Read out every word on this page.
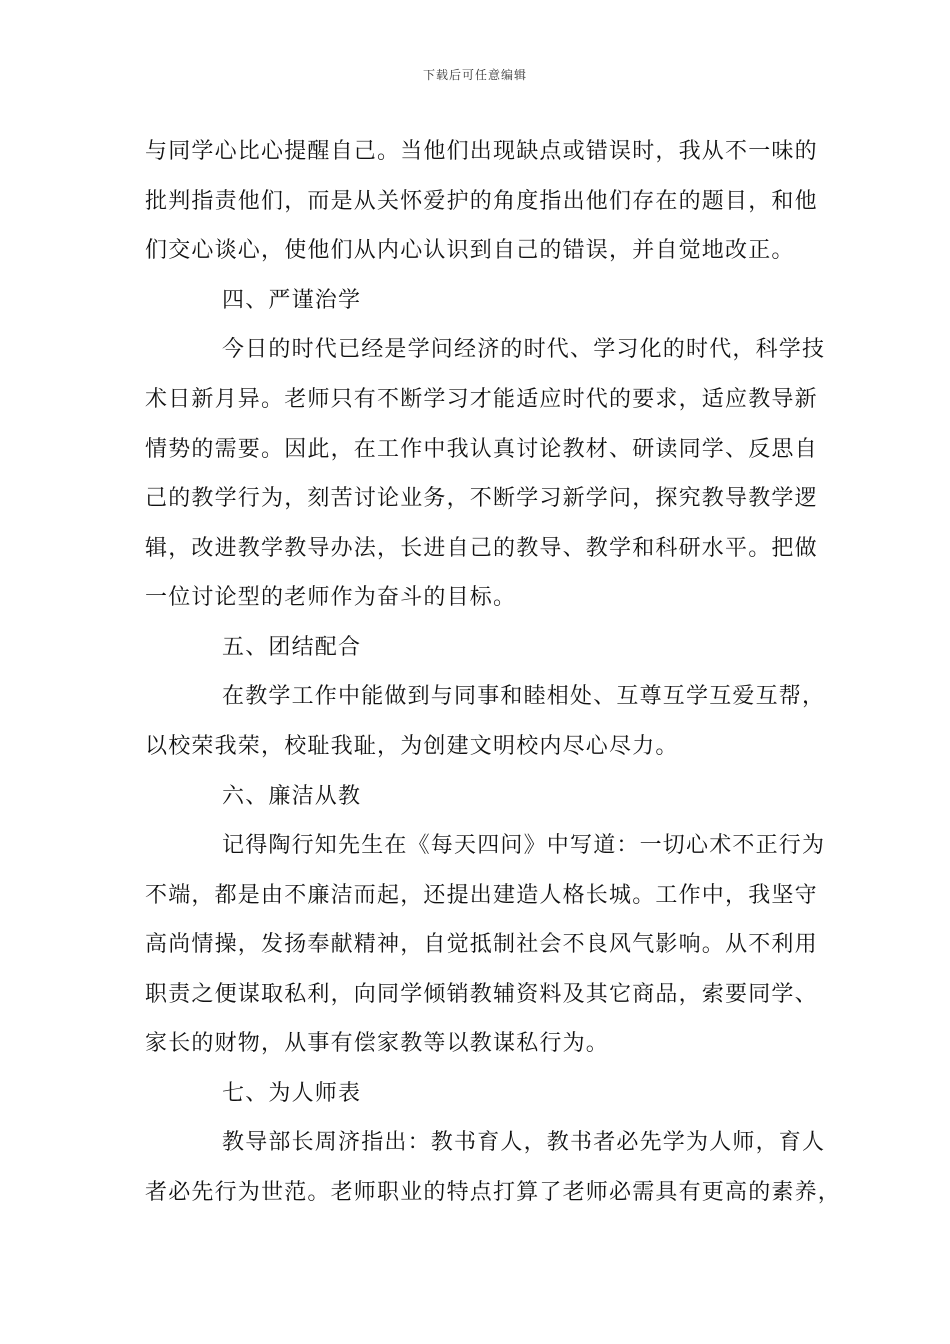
下载后可任意编辑
与同学心比心提醒自己。当他们出现缺点或错误时，我从不一味的
批判指责他们，而是从关怀爱护的角度指出他们存在的题目，和他
们交心谈心，使他们从内心认识到自己的错误，并自觉地改正。
四、严谨治学
今日的时代已经是学问经济的时代、学习化的时代，科学技
术日新月异。老师只有不断学习才能适应时代的要求，适应教导新
情势的需要。因此，在工作中我认真讨论教材、研读同学、反思自
己的教学行为，刻苦讨论业务，不断学习新学问，探究教导教学逻
辑，改进教学教导办法，长进自己的教导、教学和科研水平。把做
一位讨论型的老师作为奋斗的目标。
五、团结配合
在教学工作中能做到与同事和睦相处、互尊互学互爱互帮，
以校荣我荣，校耻我耻，为创建文明校内尽心尽力。
六、廉洁从教
记得陶行知先生在《每天四问》中写道：一切心术不正行为
不端，都是由不廉洁而起，还提出建造人格长城。工作中，我坚守
高尚情操，发扬奉献精神，自觉抵制社会不良风气影响。从不利用
职责之便谋取私利，向同学倾销教辅资料及其它商品，索要同学、
家长的财物，从事有偿家教等以教谋私行为。
七、为人师表
教导部长周济指出：教书育人，教书者必先学为人师，育人
者必先行为世范。老师职业的特点打算了老师必需具有更高的素养，
